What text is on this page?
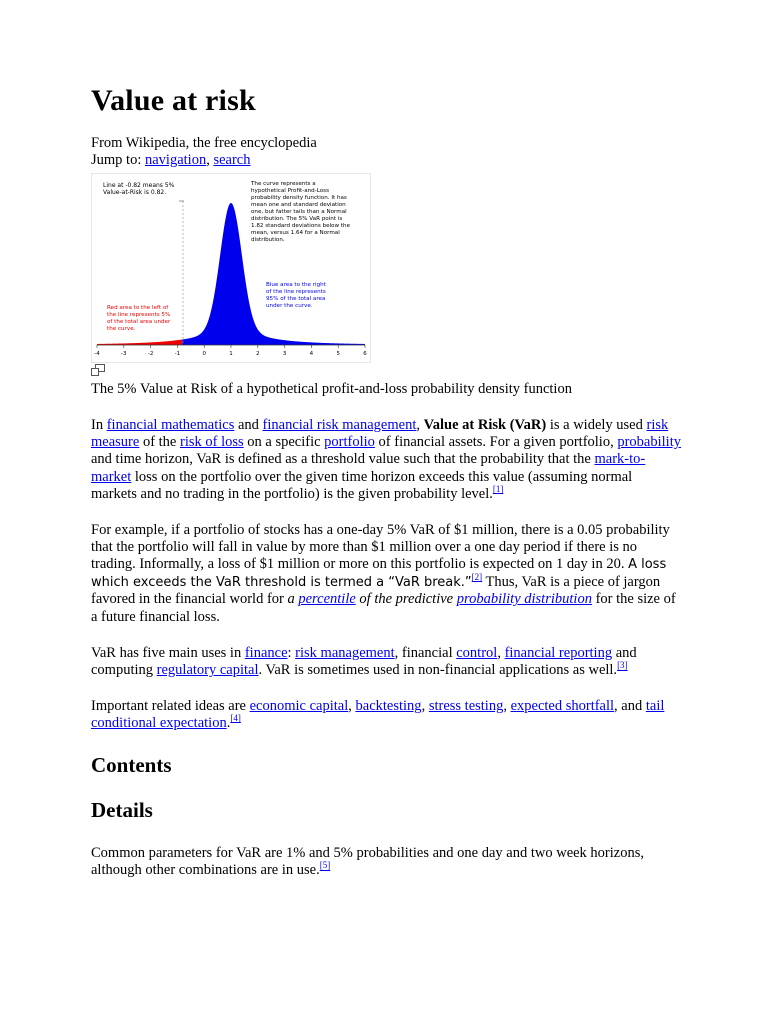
Value at risk
From Wikipedia, the free encyclopedia
Jump to: navigation, search
-4	-3	-2	-1	0	1	2	3	4	5	6
Line at -0.82 means 5% Value-at-Risk is 0.82.
The curve represents a hypothetical Profit-and-Loss probability density function. It has mean one and standard deviation one, but fatter tails than a Normal distribution. The 5% VaR point is 1.82 standard deviations below the mean, versus 1.64 for a Normal distribution.
Blue area to the right of the line represents 95% of the total area under the curve.
Red area to the left of the line represents 5% of the total area under the curve.
The 5% Value at Risk of a hypothetical profit-and-loss probability density function

In financial mathematics and financial risk management, Value at Risk (VaR) is a widely used risk measure of the risk of loss on a specific portfolio of financial assets. For a given portfolio, probability and time horizon, VaR is defined as a threshold value such that the probability that the mark-to-market loss on the portfolio over the given time horizon exceeds this value (assuming normal markets and no trading in the portfolio) is the given probability level.[1]

For example, if a portfolio of stocks has a one-day 5% VaR of $1 million, there is a 0.05 probability that the portfolio will fall in value by more than $1 million over a one day period if there is no trading. Informally, a loss of $1 million or more on this portfolio is expected on 1 day in 20. A loss which exceeds the VaR threshold is termed a “VaR break.”[2] Thus, VaR is a piece of jargon favored in the financial world for a percentile of the predictive probability distribution for the size of a future financial loss.

VaR has five main uses in finance: risk management, financial control, financial reporting and computing regulatory capital. VaR is sometimes used in non-financial applications as well.[3]

Important related ideas are economic capital, backtesting, stress testing, expected shortfall, and tail conditional expectation.[4]

Contents
Details

Common parameters for VaR are 1% and 5% probabilities and one day and two week horizons, although other combinations are in use.[5]
